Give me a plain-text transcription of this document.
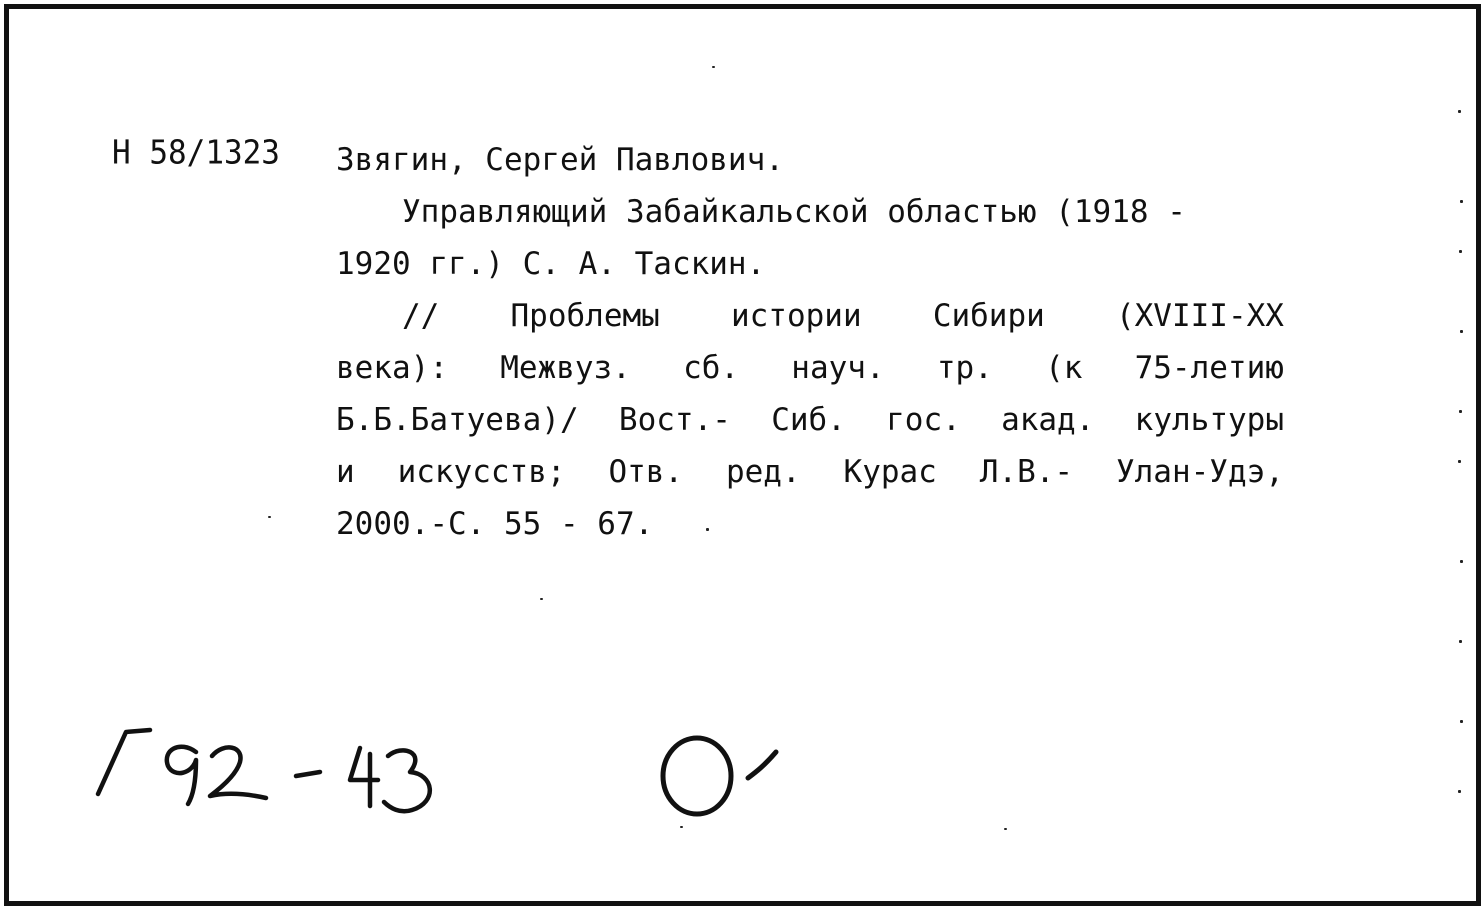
Н 58/1323 Звягин, Сергей Павлович.
Управляющий Забайкальской областью (1918 -
1920 гг.) С. А. Таскин.
// Проблемы истории Сибири (XVIII-XX
века): Межвуз. сб. науч. тр. (к 75-летию
Б.Б.Батуева)/ Вост.- Сиб. гос. акад. культуры
и искусств; Отв. ред. Курас Л.В.- Улан-Удэ,
2000.-С. 55 - 67.
